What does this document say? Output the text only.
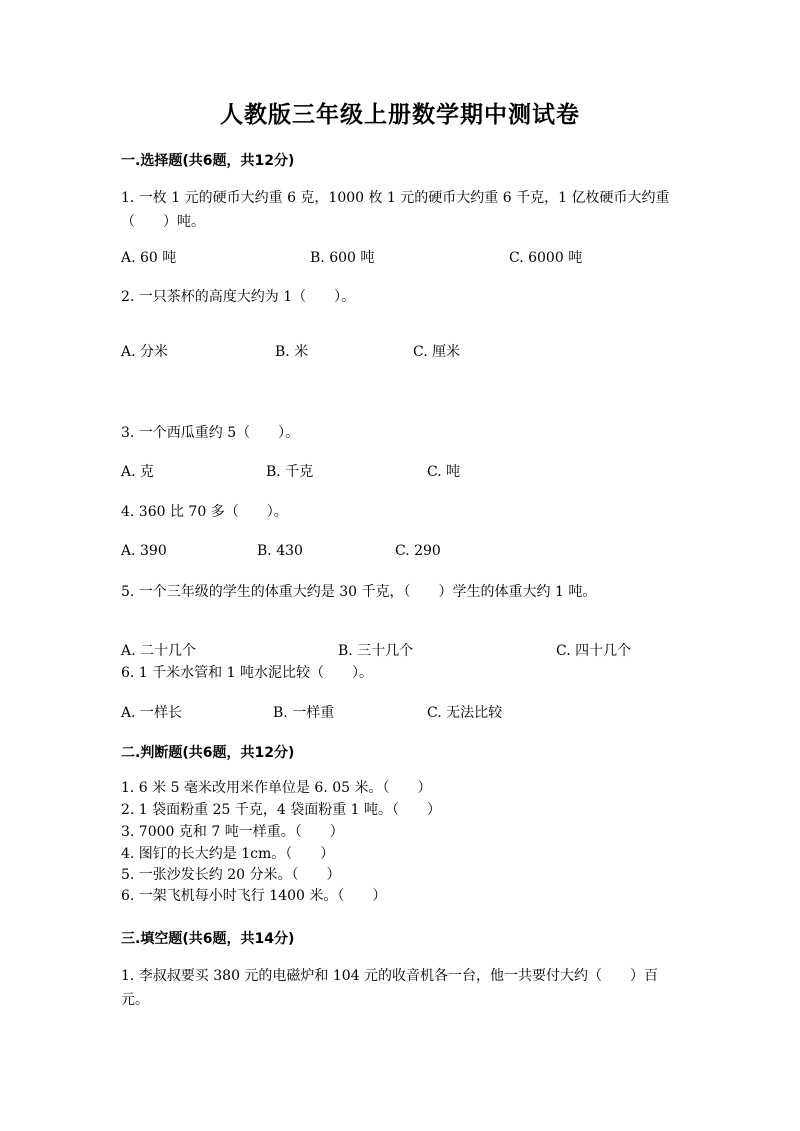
人教版三年级上册数学期中测试卷
一.选择题(共6题，共12分)
1. 一枚 1 元的硬币大约重 6 克，1000 枚 1 元的硬币大约重 6 千克，1 亿枚硬币大约重（　　）吨。
A. 60 吨	B. 600 吨	C. 6000 吨
2. 一只茶杯的高度大约为 1（　　）。
A. 分米	B. 米	C. 厘米
3. 一个西瓜重约 5（　　）。
A. 克	B. 千克	C. 吨
4. 360 比 70 多（　　）。
A. 390	B. 430	C. 290
5. 一个三年级的学生的体重大约是 30 千克，（　　）学生的体重大约 1 吨。
A. 二十几个	B. 三十几个	C. 四十几个
6. 1 千米水管和 1 吨水泥比较（　　）。
A. 一样长	B. 一样重	C. 无法比较
二.判断题(共6题，共12分)
1. 6 米 5 毫米改用米作单位是 6. 05 米。（　　）
2. 1 袋面粉重 25 千克，4 袋面粉重 1 吨。（　　）
3. 7000 克和 7 吨一样重。（　　）
4. 图钉的长大约是 1cm。（　　）
5. 一张沙发长约 20 分米。（　　）
6. 一架飞机每小时飞行 1400 米。（　　）
三.填空题(共6题，共14分)
1. 李叔叔要买 380 元的电磁炉和 104 元的收音机各一台，他一共要付大约（　　）百元。
